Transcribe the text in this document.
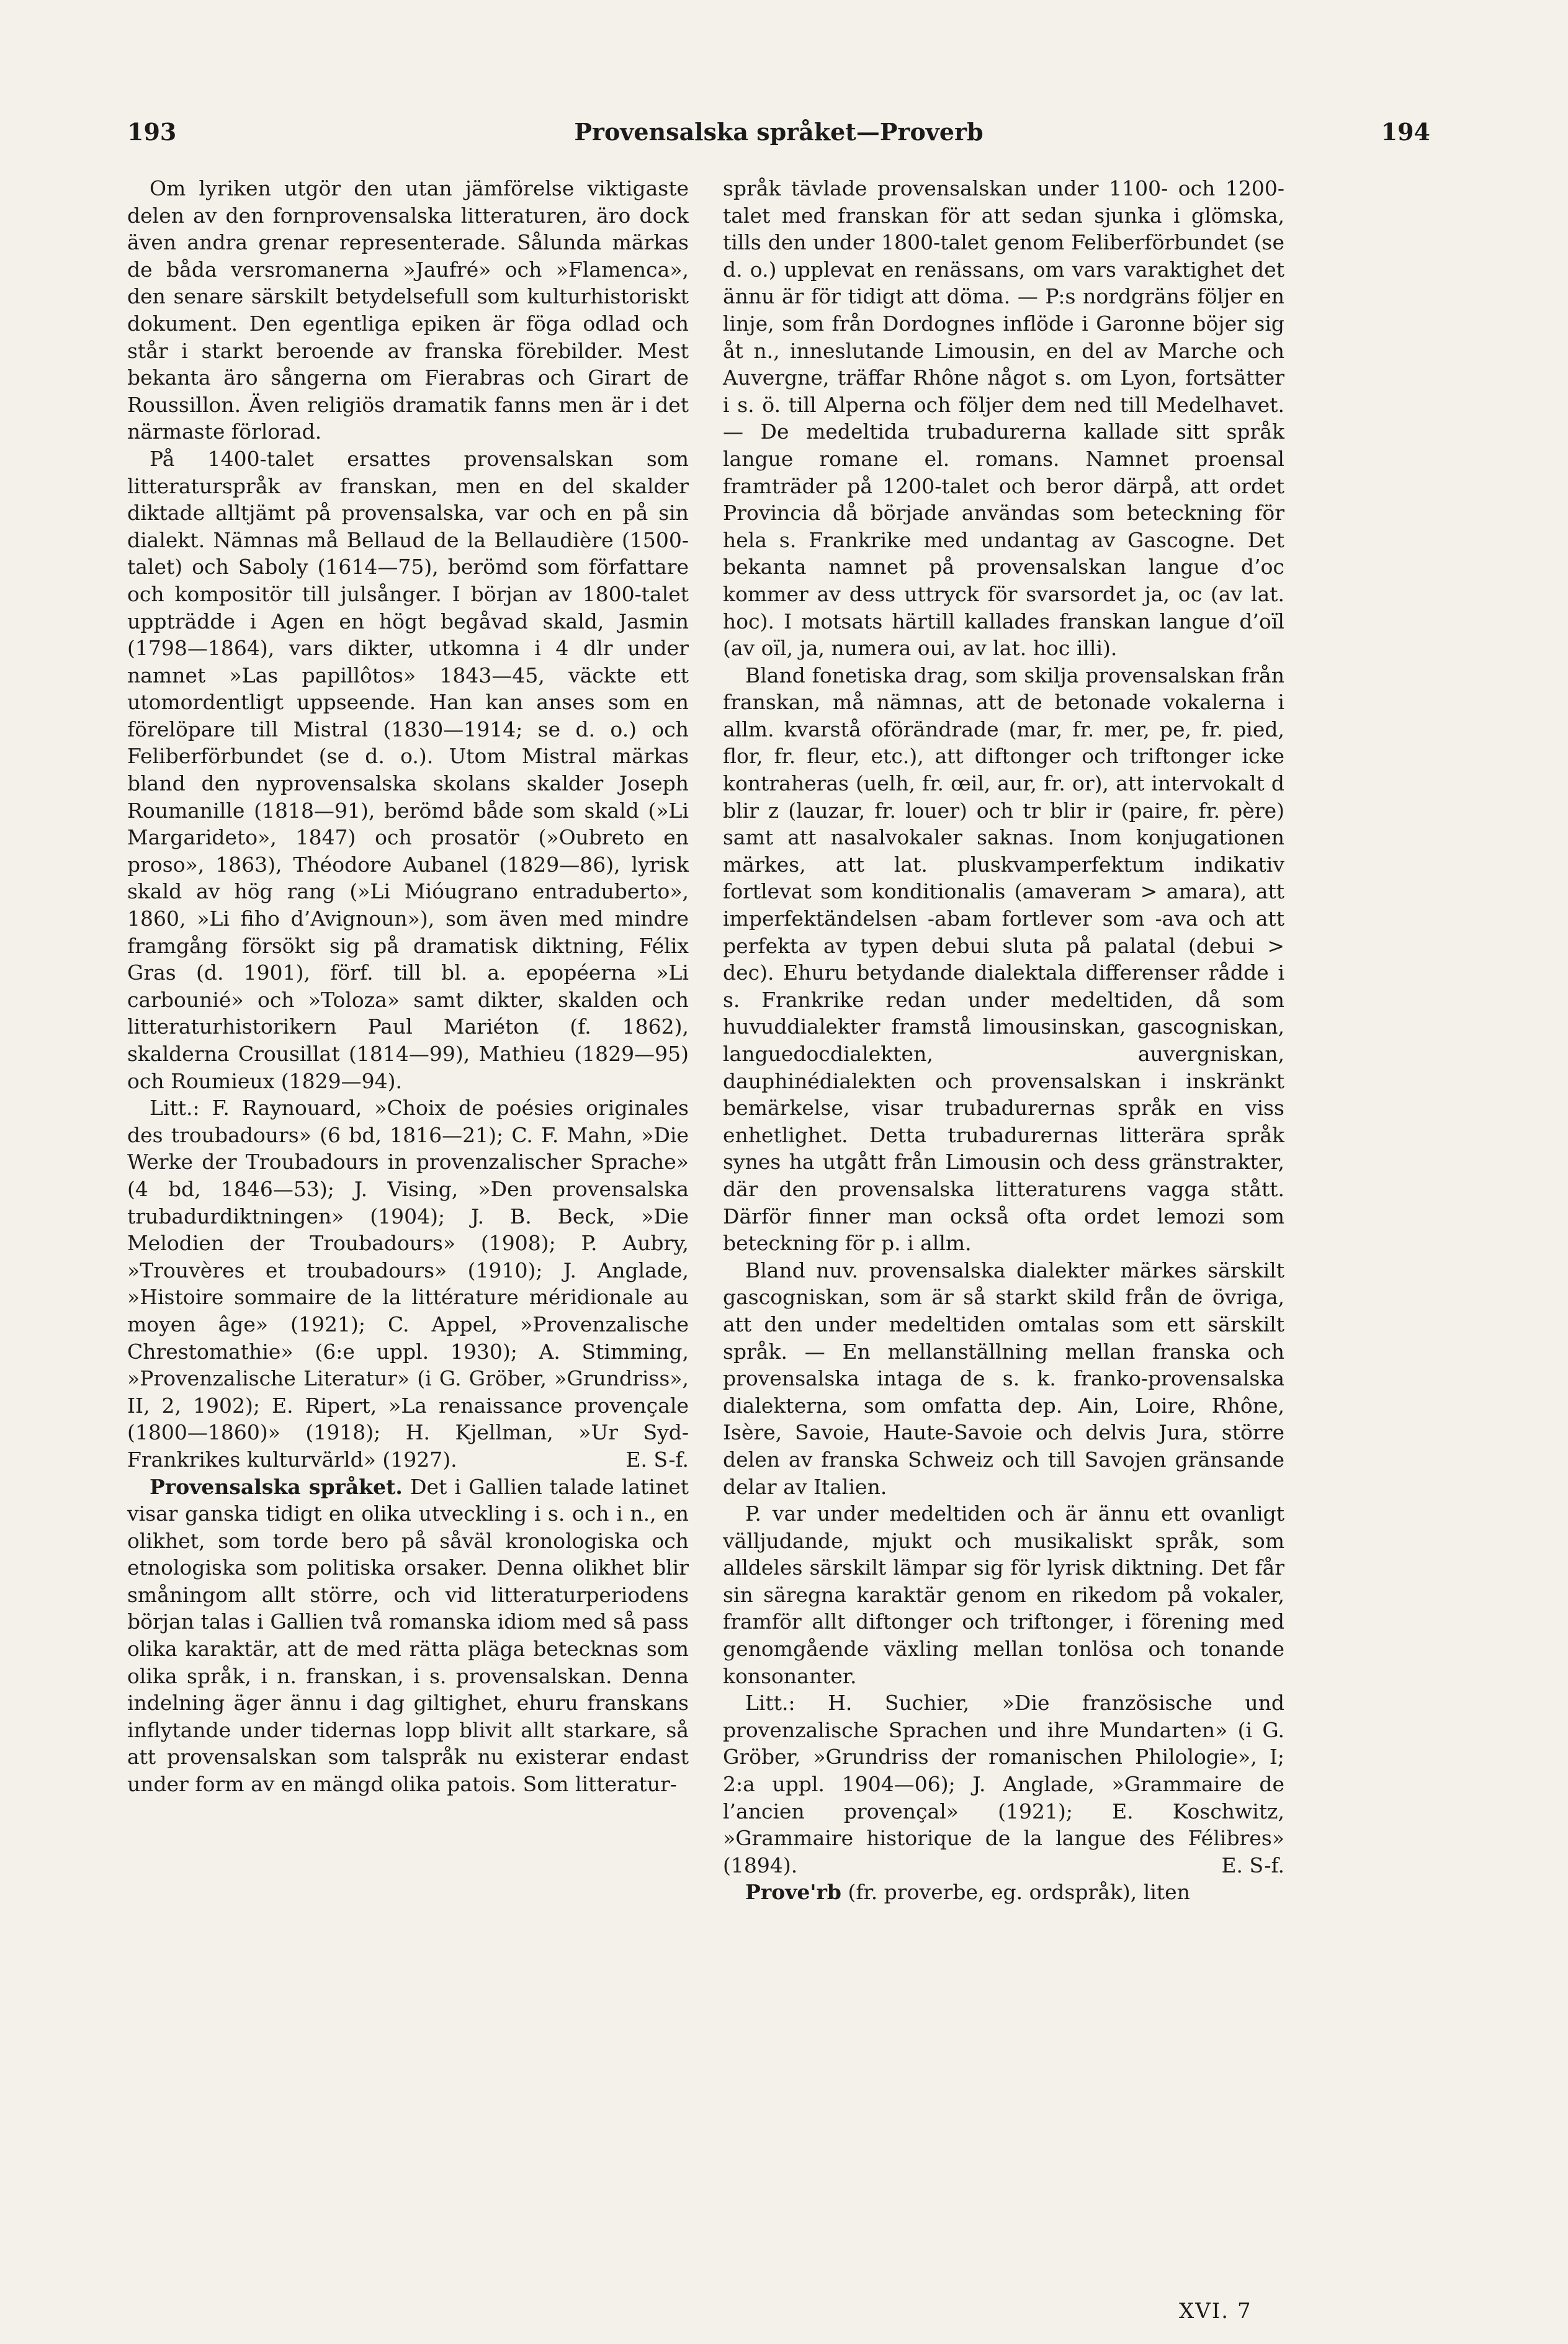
193	Provensalska språket—Proverb	194

Om lyriken utgör den utan jämförelse viktigaste delen av den fornprovensalska litteraturen, äro dock även andra grenar representerade. Sålunda märkas de båda versromanerna »Jaufré» och »Flamenca», den senare särskilt betydelsefull som kulturhistoriskt dokument. Den egentliga epiken är föga odlad och står i starkt beroende av franska förebilder. Mest bekanta äro sångerna om Fierabras och Girart de Roussillon. Även religiös dramatik fanns men är i det närmaste förlorad.

På 1400-talet ersattes provensalskan som litteraturspråk av franskan, men en del skalder diktade alltjämt på provensalska, var och en på sin dialekt. Nämnas må Bellaud de la Bellaudière (1500-talet) och Saboly (1614—75), berömd som författare och kompositör till julsånger. I början av 1800-talet uppträdde i Agen en högt begåvad skald, Jasmin (1798—1864), vars dikter, utkomna i 4 dlr under namnet »Las papillôtos» 1843—45, väckte ett utomordentligt uppseende. Han kan anses som en förelöpare till Mistral (1830—1914; se d. o.) och Feliberförbundet (se d. o.). Utom Mistral märkas bland den nyprovensalska skolans skalder Joseph Roumanille (1818—91), berömd både som skald (»Li Margarideto», 1847) och prosatör (»Oubreto en proso», 1863), Théodore Aubanel (1829—86), lyrisk skald av hög rang (»Li Mióugrano entraduberto», 1860, »Li fiho d’Avignoun»), som även med mindre framgång försökt sig på dramatisk diktning, Félix Gras (d. 1901), förf. till bl. a. epopéerna »Li carbounié» och »Toloza» samt dikter, skalden och litteraturhistorikern Paul Mariéton (f. 1862), skalderna Crousillat (1814—99), Mathieu (1829—95) och Roumieux (1829—94).

Litt.: F. Raynouard, »Choix de poésies originales des troubadours» (6 bd, 1816—21); C. F. Mahn, »Die Werke der Troubadours in provenzalischer Sprache» (4 bd, 1846—53); J. Vising, »Den provensalska trubadurdiktningen» (1904); J. B. Beck, »Die Melodien der Troubadours» (1908); P. Aubry, »Trouvères et troubadours» (1910); J. Anglade, »Histoire sommaire de la littérature méridionale au moyen âge» (1921); C. Appel, »Provenzalische Chrestomathie» (6:e uppl. 1930); A. Stimming, »Provenzalische Literatur» (i G. Gröber, »Grundriss», II, 2, 1902); E. Ripert, »La renaissance provençale (1800—1860)» (1918); H. Kjellman, »Ur Syd-Frankrikes kulturvärld» (1927).	E. S-f.

Provensalska språket. Det i Gallien talade latinet visar ganska tidigt en olika utveckling i s. och i n., en olikhet, som torde bero på såväl kronologiska och etnologiska som politiska orsaker. Denna olikhet blir småningom allt större, och vid litteraturperiodens början talas i Gallien två romanska idiom med så pass olika karaktär, att de med rätta pläga betecknas som olika språk, i n. franskan, i s. provensalskan. Denna indelning äger ännu i dag giltighet, ehuru franskans inflytande under tidernas lopp blivit allt starkare, så att provensalskan som talspråk nu existerar endast under form av en mängd olika patois. Som litteratur-

språk tävlade provensalskan under 1100- och 1200-talet med franskan för att sedan sjunka i glömska, tills den under 1800-talet genom Feliberförbundet (se d. o.) upplevat en renässans, om vars varaktighet det ännu är för tidigt att döma. — P:s nordgräns följer en linje, som från Dordognes inflöde i Garonne böjer sig åt n., inneslutande Limousin, en del av Marche och Auvergne, träffar Rhône något s. om Lyon, fortsätter i s. ö. till Alperna och följer dem ned till Medelhavet. — De medeltida trubadurerna kallade sitt språk langue romane el. romans. Namnet proensal framträder på 1200-talet och beror därpå, att ordet Provincia då började användas som beteckning för hela s. Frankrike med undantag av Gascogne. Det bekanta namnet på provensalskan langue d’oc kommer av dess uttryck för svarsordet ja, oc (av lat. hoc). I motsats härtill kallades franskan langue d’oïl (av oïl, ja, numera oui, av lat. hoc illi).

Bland fonetiska drag, som skilja provensalskan från franskan, må nämnas, att de betonade vokalerna i allm. kvarstå oförändrade (mar, fr. mer, pe, fr. pied, flor, fr. fleur, etc.), att diftonger och triftonger icke kontraheras (uelh, fr. œil, aur, fr. or), att intervokalt d blir z (lauzar, fr. louer) och tr blir ir (paire, fr. père) samt att nasalvokaler saknas. Inom konjugationen märkes, att lat. pluskvamperfektum indikativ fortlevat som konditionalis (amaveram > amara), att imperfektändelsen -abam fortlever som -ava och att perfekta av typen debui sluta på palatal (debui > dec). Ehuru betydande dialektala differenser rådde i s. Frankrike redan under medeltiden, då som huvuddialekter framstå limousinskan, gascogniskan, languedocdialekten, auvergniskan, dauphinédialekten och provensalskan i inskränkt bemärkelse, visar trubadurernas språk en viss enhetlighet. Detta trubadurernas litterära språk synes ha utgått från Limousin och dess gränstrakter, där den provensalska litteraturens vagga stått. Därför finner man också ofta ordet lemozi som beteckning för p. i allm.

Bland nuv. provensalska dialekter märkes särskilt gascogniskan, som är så starkt skild från de övriga, att den under medeltiden omtalas som ett särskilt språk. — En mellanställning mellan franska och provensalska intaga de s. k. franko-provensalska dialekterna, som omfatta dep. Ain, Loire, Rhône, Isère, Savoie, Haute-Savoie och delvis Jura, större delen av franska Schweiz och till Savojen gränsande delar av Italien.

P. var under medeltiden och är ännu ett ovanligt välljudande, mjukt och musikaliskt språk, som alldeles särskilt lämpar sig för lyrisk diktning. Det får sin säregna karaktär genom en rikedom på vokaler, framför allt diftonger och triftonger, i förening med genomgående växling mellan tonlösa och tonande konsonanter.

Litt.: H. Suchier, »Die französische und provenzalische Sprachen und ihre Mundarten» (i G. Gröber, »Grundriss der romanischen Philologie», I; 2:a uppl. 1904—06); J. Anglade, »Grammaire de l’ancien provençal» (1921); E. Koschwitz, »Grammaire historique de la langue des Félibres» (1894).	E. S-f.

Prove'rb (fr. proverbe, eg. ordspråk), liten

XVI. 7
